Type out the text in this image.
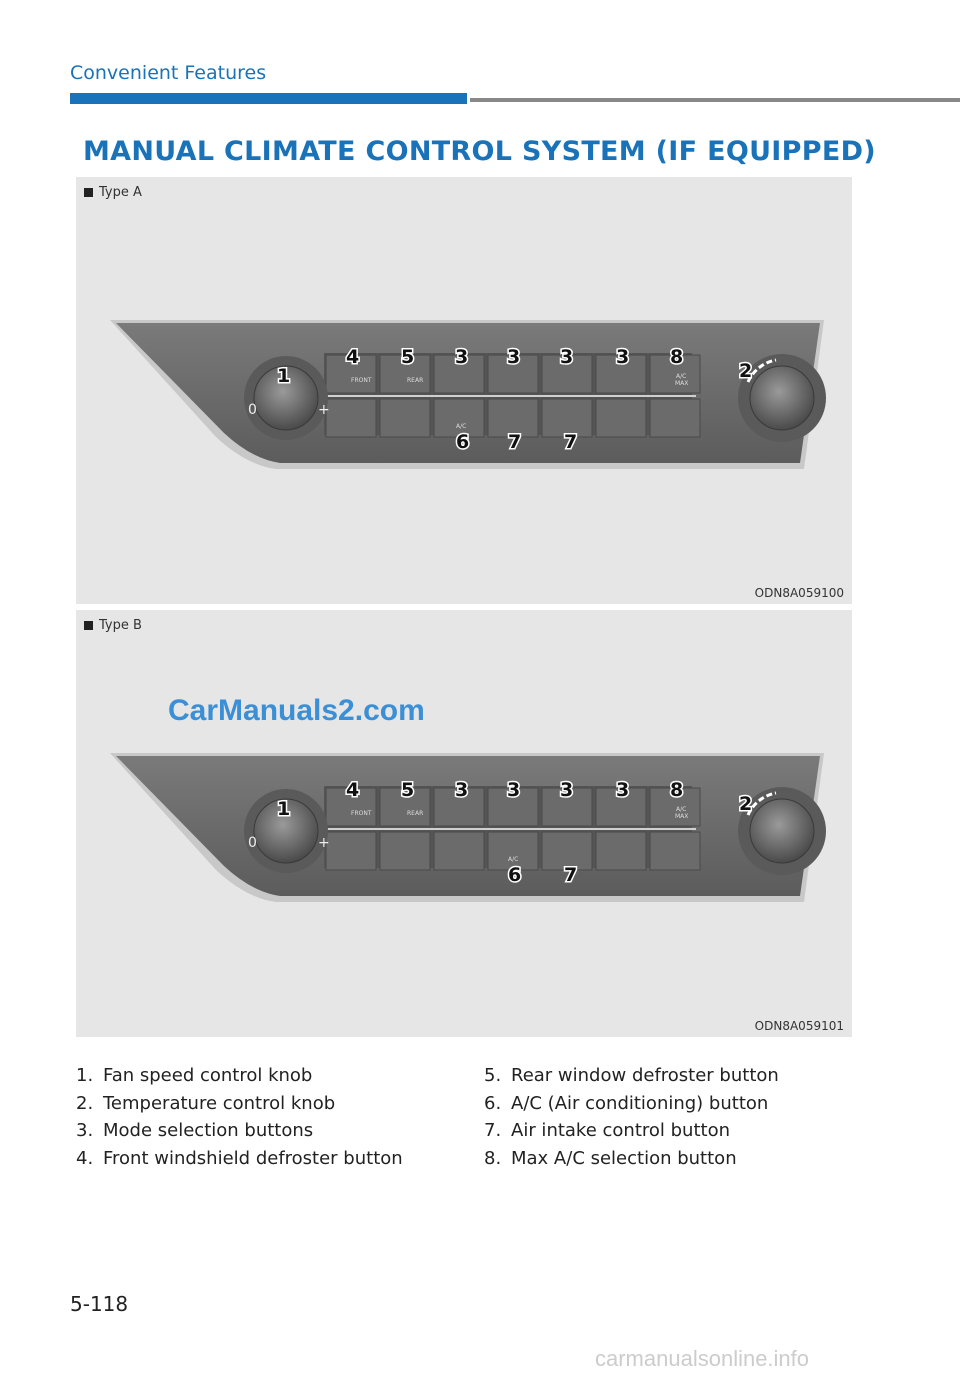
Convenient Features
MANUAL CLIMATE CONTROL SYSTEM (IF EQUIPPED)
Type A
FRONT	REAR
A/C
MAX
A/C
0	+
1	2
4 5 3 3 3 3 8
6 7 7
ODN8A059100
Type B
FRONT	REAR
A/C
MAX
A/C
0	+
1	2
4 5 3 3 3 3 8
6 7
CarManuals2.com
ODN8A059101
1. Fan speed control knob
2. Temperature control knob
3. Mode selection buttons
4. Front windshield defroster button
5. Rear window defroster button
6. A/C (Air conditioning) button
7. Air intake control button
8. Max A/C selection button
5-118
carmanualsonline.info
